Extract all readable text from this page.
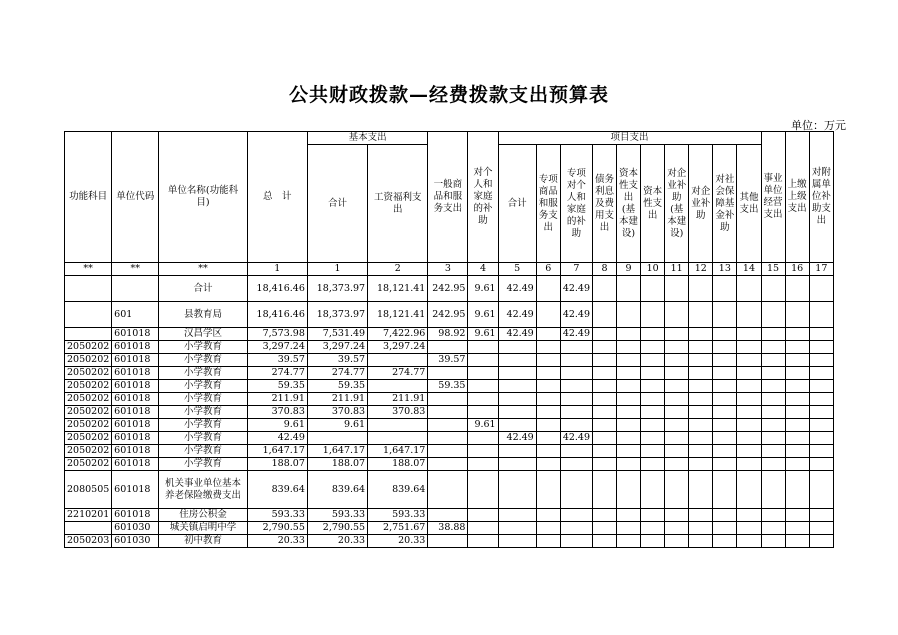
公共财政拨款—经费拨款支出预算表
单位：万元
功能科目	单位代码	单位名称(功能科目)	总　计	基本支出		一般商品和服务支出	对个人和家庭的补助	项目支出										事业单位经营支出	上缴上级支出	对附属单位补助支出
				合计	工资福利支出			合计	专项商品和服务支出	专项对个人和家庭的补助	债务利息及费用支出	资本性支出(基本建设)	资本性支出	对企业补助(基本建设)	对企业补助	对社会保障基金补助	其他支出			
**	**	**	1	1	2	3	4	5	6	7	8	9	10	11	12	13	14	15	16	17
		合计	18,416.46	18,373.97	18,121.41	242.95	9.61	42.49		42.49										
	601	县教育局	18,416.46	18,373.97	18,121.41	242.95	9.61	42.49		42.49										
	601018	汉昌学区	7,573.98	7,531.49	7,422.96	98.92	9.61	42.49		42.49										
2050202	601018	小学教育	3,297.24	3,297.24	3,297.24															
2050202	601018	小学教育	39.57	39.57		39.57														
2050202	601018	小学教育	274.77	274.77	274.77															
2050202	601018	小学教育	59.35	59.35		59.35														
2050202	601018	小学教育	211.91	211.91	211.91															
2050202	601018	小学教育	370.83	370.83	370.83															
2050202	601018	小学教育	9.61	9.61			9.61													
2050202	601018	小学教育	42.49					42.49		42.49										
2050202	601018	小学教育	1,647.17	1,647.17	1,647.17															
2050202	601018	小学教育	188.07	188.07	188.07															
2080505	601018	机关事业单位基本养老保险缴费支出	839.64	839.64	839.64															
2210201	601018	住房公积金	593.33	593.33	593.33															
	601030	城关镇启明中学	2,790.55	2,790.55	2,751.67	38.88														
2050203	601030	初中教育	20.33	20.33	20.33															
